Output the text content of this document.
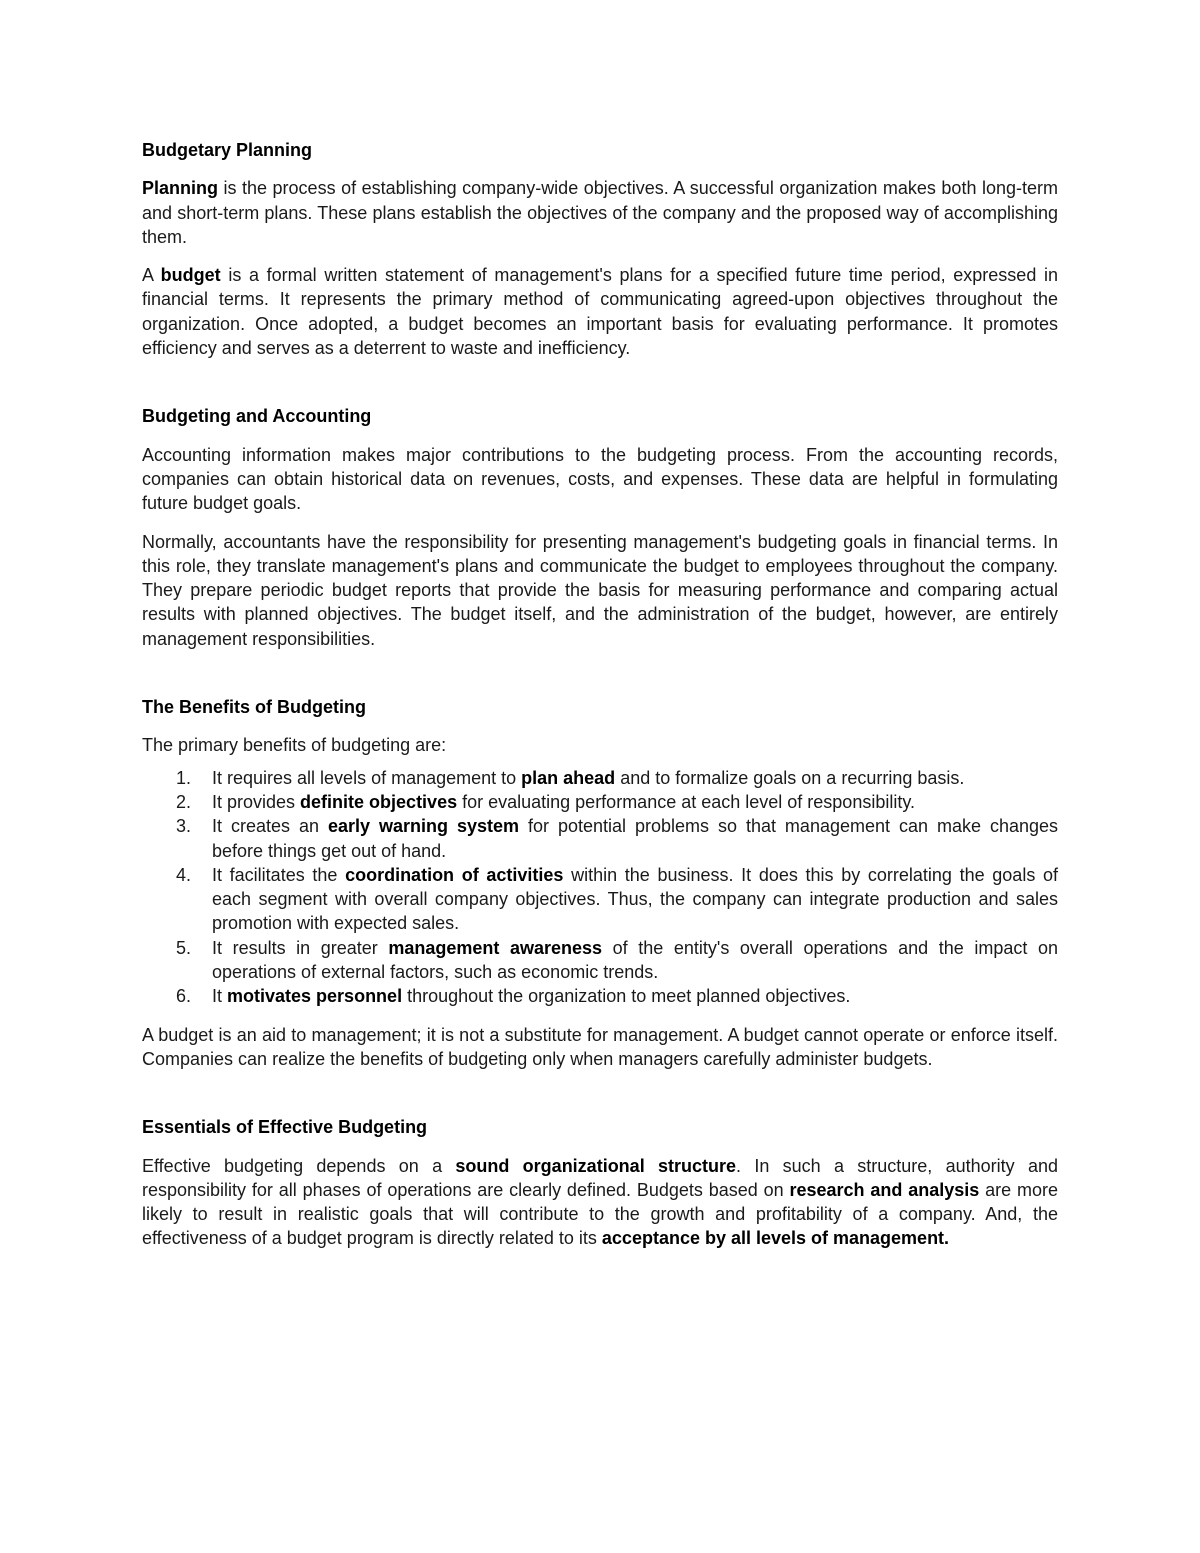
Budgetary Planning

Planning is the process of establishing company-wide objectives. A successful organization makes both long-term and short-term plans. These plans establish the objectives of the company and the proposed way of accomplishing them.

A budget is a formal written statement of management's plans for a specified future time period, expressed in financial terms. It represents the primary method of communicating agreed-upon objectives throughout the organization. Once adopted, a budget becomes an important basis for evaluating performance. It promotes efficiency and serves as a deterrent to waste and inefficiency.

Budgeting and Accounting

Accounting information makes major contributions to the budgeting process. From the accounting records, companies can obtain historical data on revenues, costs, and expenses. These data are helpful in formulating future budget goals.

Normally, accountants have the responsibility for presenting management's budgeting goals in financial terms. In this role, they translate management's plans and communicate the budget to employees throughout the company. They prepare periodic budget reports that provide the basis for measuring performance and comparing actual results with planned objectives. The budget itself, and the administration of the budget, however, are entirely management responsibilities.

The Benefits of Budgeting

The primary benefits of budgeting are:

1. It requires all levels of management to plan ahead and to formalize goals on a recurring basis.
2. It provides definite objectives for evaluating performance at each level of responsibility.
3. It creates an early warning system for potential problems so that management can make changes before things get out of hand.
4. It facilitates the coordination of activities within the business. It does this by correlating the goals of each segment with overall company objectives. Thus, the company can integrate production and sales promotion with expected sales.
5. It results in greater management awareness of the entity's overall operations and the impact on operations of external factors, such as economic trends.
6. It motivates personnel throughout the organization to meet planned objectives.

A budget is an aid to management; it is not a substitute for management. A budget cannot operate or enforce itself. Companies can realize the benefits of budgeting only when managers carefully administer budgets.

Essentials of Effective Budgeting

Effective budgeting depends on a sound organizational structure. In such a structure, authority and responsibility for all phases of operations are clearly defined. Budgets based on research and analysis are more likely to result in realistic goals that will contribute to the growth and profitability of a company. And, the effectiveness of a budget program is directly related to its acceptance by all levels of management.
